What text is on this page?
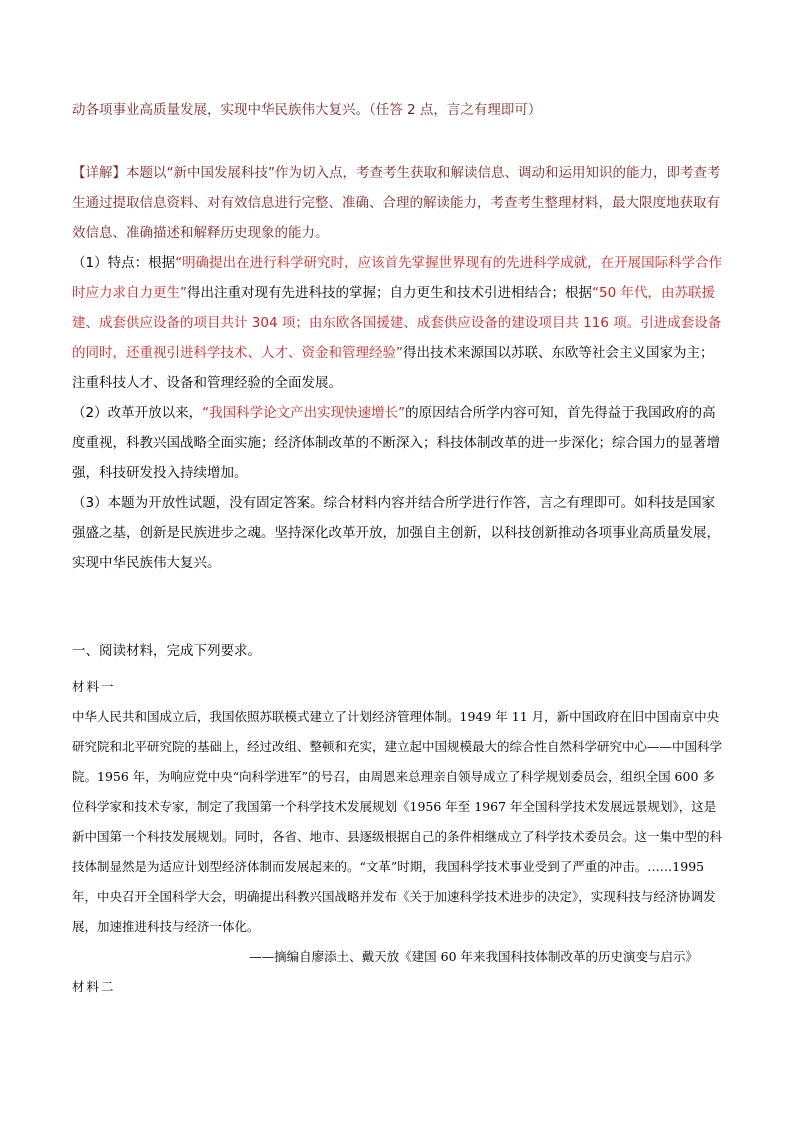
动各项事业高质量发展，实现中华民族伟大复兴。（任答 2 点，言之有理即可）

【详解】本题以“新中国发展科技”作为切入点，考查考生获取和解读信息、调动和运用知识的能力，即考查考生通过提取信息资料、对有效信息进行完整、准确、合理的解读能力，考查考生整理材料，最大限度地获取有效信息、准确描述和解释历史现象的能力。

（1）特点：根据“明确提出在进行科学研究时，应该首先掌握世界现有的先进科学成就，在开展国际科学合作时应力求自力更生”得出注重对现有先进科技的掌握；自力更生和技术引进相结合；根据“50 年代，由苏联援建、成套供应设备的项目共计 304 项；由东欧各国援建、成套供应设备的建设项目共 116 项。引进成套设备的同时，还重视引进科学技术、人才、资金和管理经验”得出技术来源国以苏联、东欧等社会主义国家为主；注重科技人才、设备和管理经验的全面发展。

（2）改革开放以来，“我国科学论文产出实现快速增长”的原因结合所学内容可知，首先得益于我国政府的高度重视，科教兴国战略全面实施；经济体制改革的不断深入；科技体制改革的进一步深化；综合国力的显著增强，科技研发投入持续增加。

（3）本题为开放性试题，没有固定答案。综合材料内容并结合所学进行作答，言之有理即可。如科技是国家强盛之基，创新是民族进步之魂。坚持深化改革开放，加强自主创新，以科技创新推动各项事业高质量发展，实现中华民族伟大复兴。

一、阅读材料，完成下列要求。

材料一

中华人民共和国成立后，我国依照苏联模式建立了计划经济管理体制。1949 年 11 月，新中国政府在旧中国南京中央研究院和北平研究院的基础上，经过改组、整顿和充实，建立起中国规模最大的综合性自然科学研究中心——中国科学院。1956 年，为响应党中央“向科学进军”的号召，由周恩来总理亲自领导成立了科学规划委员会，组织全国 600 多位科学家和技术专家，制定了我国第一个科学技术发展规划《1956 年至 1967 年全国科学技术发展远景规划》，这是新中国第一个科技发展规划。同时，各省、地市、县逐级根据自己的条件相继成立了科学技术委员会。这一集中型的科技体制显然是为适应计划型经济体制而发展起来的。“文革”时期，我国科学技术事业受到了严重的冲击。……1995 年，中央召开全国科学大会，明确提出科教兴国战略并发布《关于加速科学技术进步的决定》，实现科技与经济协调发展，加速推进科技与经济一体化。

——摘编自廖添土、戴天放《建国 60 年来我国科技体制改革的历史演变与启示》

材料二
